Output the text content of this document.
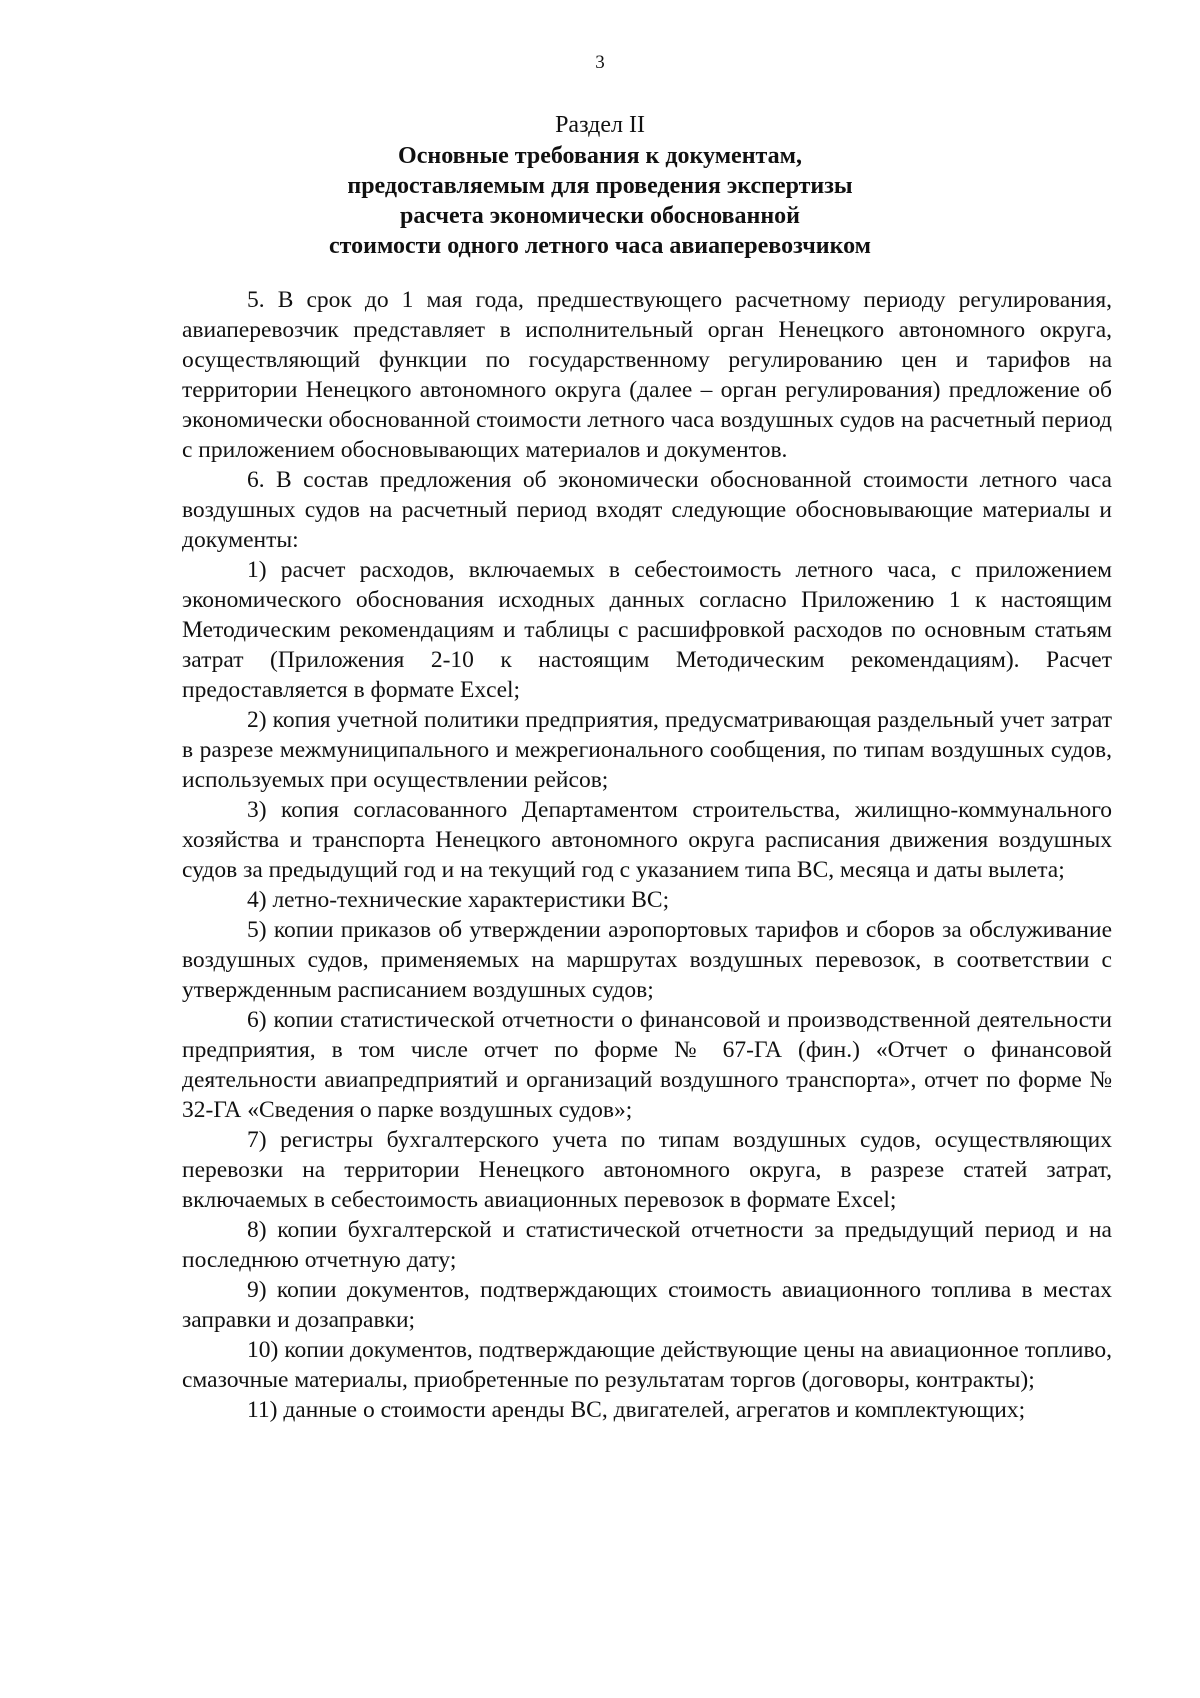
3
Раздел II
Основные требования к документам,
предоставляемым для проведения экспертизы
расчета экономически обоснованной
стоимости одного летного часа авиаперевозчиком

5. В срок до 1 мая года, предшествующего расчетному периоду регулирования, авиаперевозчик представляет в исполнительный орган Ненецкого автономного округа, осуществляющий функции по государственному регулированию цен и тарифов на территории Ненецкого автономного округа (далее – орган регулирования) предложение об экономически обоснованной стоимости летного часа воздушных судов на расчетный период с приложением обосновывающих материалов и документов.

6. В состав предложения об экономически обоснованной стоимости летного часа воздушных судов на расчетный период входят следующие обосновывающие материалы и документы:

1) расчет расходов, включаемых в себестоимость летного часа, с приложением экономического обоснования исходных данных согласно Приложению 1 к настоящим Методическим рекомендациям и таблицы с расшифровкой расходов по основным статьям затрат (Приложения 2-10 к настоящим Методическим рекомендациям). Расчет предоставляется в формате Excel;

2) копия учетной политики предприятия, предусматривающая раздельный учет затрат в разрезе межмуниципального и межрегионального сообщения, по типам воздушных судов, используемых при осуществлении рейсов;

3) копия согласованного Департаментом строительства, жилищно-коммунального хозяйства и транспорта Ненецкого автономного округа расписания движения воздушных судов за предыдущий год и на текущий год с указанием типа ВС, месяца и даты вылета;

4) летно-технические характеристики ВС;

5) копии приказов об утверждении аэропортовых тарифов и сборов за обслуживание воздушных судов, применяемых на маршрутах воздушных перевозок, в соответствии с утвержденным расписанием воздушных судов;

6) копии статистической отчетности о финансовой и производственной деятельности предприятия, в том числе отчет по форме № 67-ГА (фин.) «Отчет о финансовой деятельности авиапредприятий и организаций воздушного транспорта», отчет по форме № 32-ГА «Сведения о парке воздушных судов»;

7) регистры бухгалтерского учета по типам воздушных судов, осуществляющих перевозки на территории Ненецкого автономного округа, в разрезе статей затрат, включаемых в себестоимость авиационных перевозок в формате Excel;

8) копии бухгалтерской и статистической отчетности за предыдущий период и на последнюю отчетную дату;

9) копии документов, подтверждающих стоимость авиационного топлива в местах заправки и дозаправки;

10) копии документов, подтверждающие действующие цены на авиационное топливо, смазочные материалы, приобретенные по результатам торгов (договоры, контракты);

11) данные о стоимости аренды ВС, двигателей, агрегатов и комплектующих;
